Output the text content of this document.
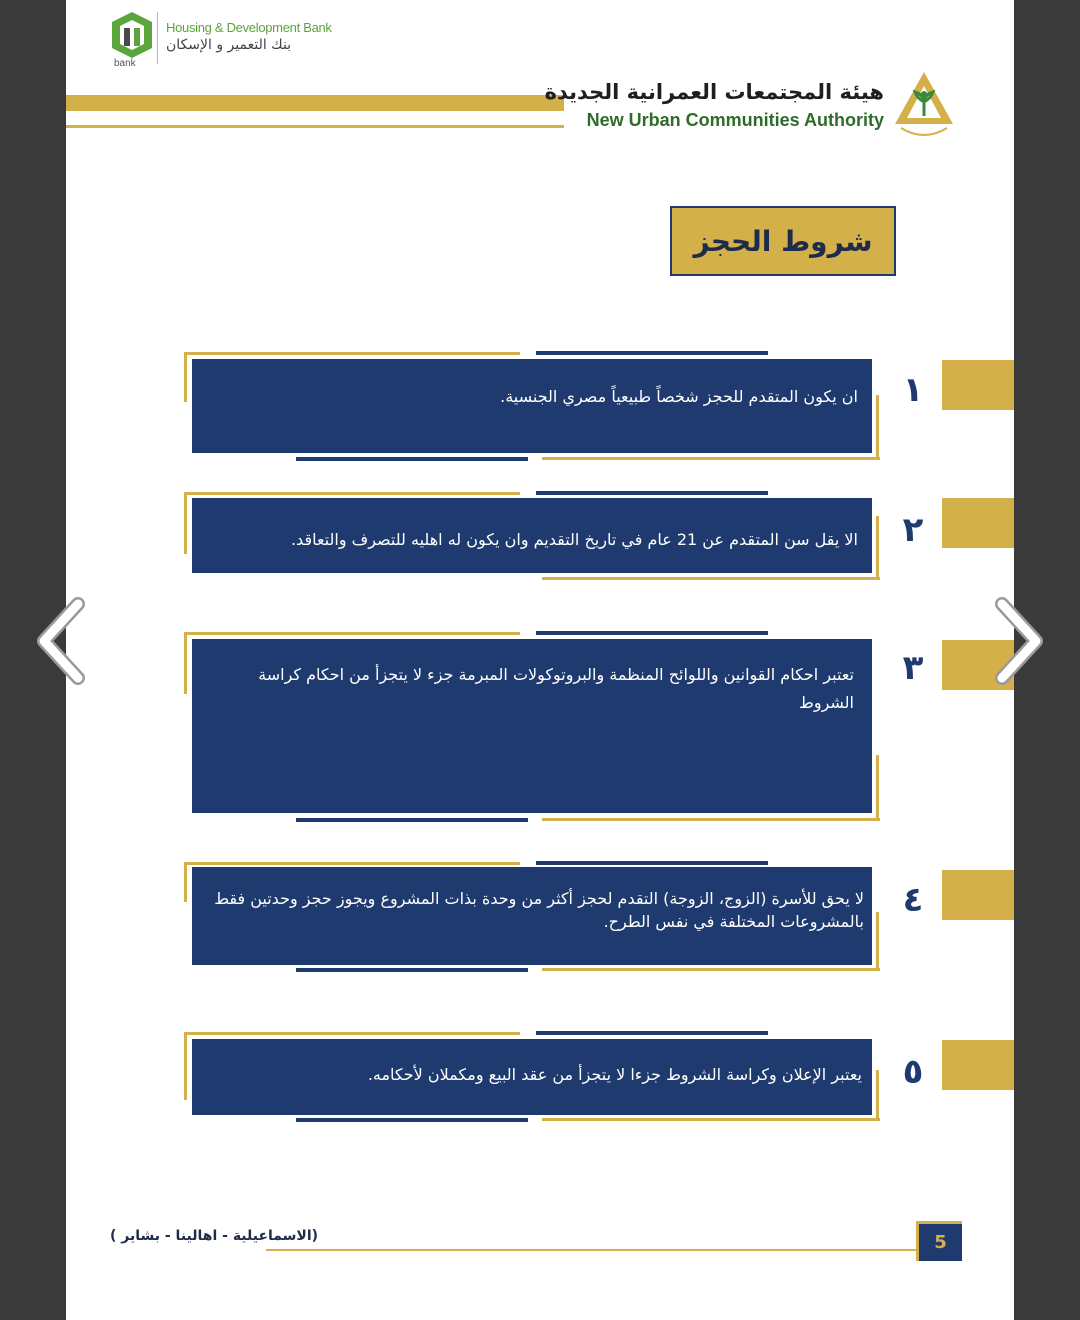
Housing & Development Bank
بنك التعمير و الإسكان
bank
هيئة المجتمعات العمرانية الجديدة
New Urban Communities Authority
شروط الحجز
ان يكون المتقدم للحجز شخصاً طبيعياً مصري الجنسية. ١
الا يقل سن المتقدم عن 21 عام في تاريخ التقديم وان يكون له اهليه للتصرف والتعاقد. ٢
تعتبر احكام القوانين واللوائح المنظمة والبروتوكولات المبرمة جزء لا يتجزأ من احكام كراسة الشروط
٣
لا يحق للأسرة (الزوج، الزوجة) التقدم لحجز أكثر من وحدة بذات المشروع ويجوز حجز وحدتين فقط بالمشروعات المختلفة في نفس الطرح.
٤
يعتبر الإعلان وكراسة الشروط جزءا لا يتجزأ من عقد البيع ومكملان لأحكامه. ٥
(الاسماعيلية - اهالينا - بشاير )	5
